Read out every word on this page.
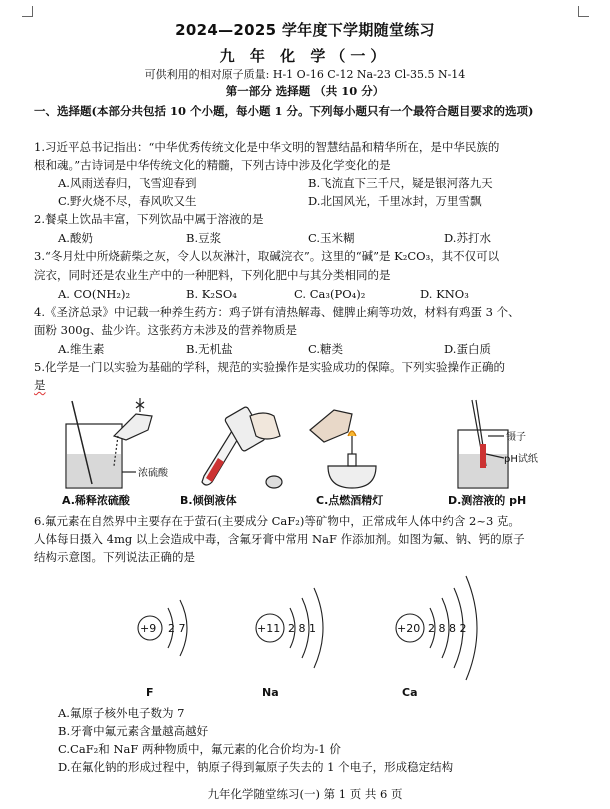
2024—2025 学年度下学期随堂练习
九 年 化 学（一）
可供利用的相对原子质量: H-1 O-16 C-12 Na-23 Cl-35.5 N-14
第一部分 选择题 （共 10 分）
一、选择题(本部分共包括 10 个小题，每小题 1 分。下列每小题只有一个最符合题目要求的选项)
1.习近平总书记指出：“中华优秀传统文化是中华文明的智慧结晶和精华所在，是中华民族的
根和魂。”古诗词是中华传统文化的精髓，下列古诗中涉及化学变化的是
A.风雨送春归，飞雪迎春到	B.飞流直下三千尺，疑是银河落九天
C.野火烧不尽，春风吹又生	D.北国风光，千里冰封，万里雪飘
2.餐桌上饮品丰富，下列饮品中属于溶液的是
A.酸奶	B.豆浆	C.玉米糊	D.苏打水
3.“冬月灶中所烧薪柴之灰，令人以灰淋汁，取碱浣衣”。这里的“碱”是 K₂CO₃，其不仅可以
浣衣，同时还是农业生产中的一种肥料，下列化肥中与其分类相同的是
A. CO(NH₂)₂	B. K₂SO₄	C. Ca₃(PO₄)₂	D. KNO₃
4.《圣济总录》中记载一种养生药方：鸡子饼有清热解毒、健脾止痢等功效，材料有鸡蛋 3 个、
面粉 300g、盐少许。这张药方未涉及的营养物质是
A.维生素	B.无机盐	C.糖类	D.蛋白质
5.化学是一门以实验为基础的学科，规范的实验操作是实验成功的保障。下列实验操作正确的
是
浓硫酸
镊子
pH试纸
A.稀释浓硫酸	B.倾倒液体	C.点燃酒精灯	D.测溶液的 pH
6.氟元素在自然界中主要存在于萤石(主要成分 CaF₂)等矿物中，正常成年人体中约含 2~3 克。
人体每日摄入 4mg 以上会造成中毒，含氟牙膏中常用 NaF 作添加剂。如图为氟、钠、钙的原子
结构示意图。下列说法正确的是
+9 2 7
F
+11 2 8 1
Na
+20 2 8 8 2
Ca
A.氟原子核外电子数为 7
B.牙膏中氟元素含量越高越好
C.CaF₂和 NaF 两种物质中，氟元素的化合价均为-1 价
D.在氟化钠的形成过程中，钠原子得到氟原子失去的 1 个电子，形成稳定结构
九年化学随堂练习(一) 第 1 页 共 6 页
